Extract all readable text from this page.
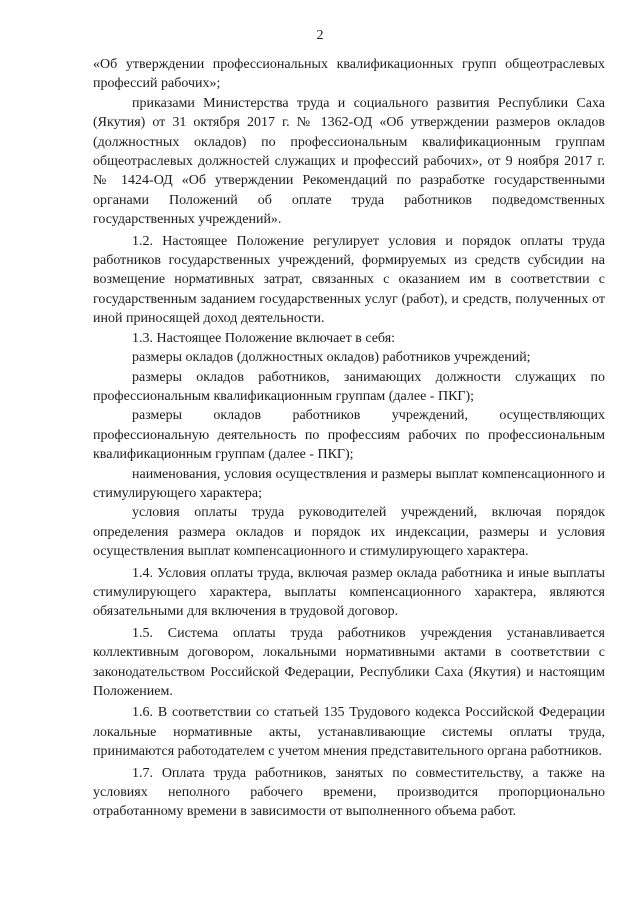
2

«Об утверждении профессиональных квалификационных групп общеотраслевых профессий рабочих»;

приказами Министерства труда и социального развития Республики Саха (Якутия) от 31 октября 2017 г. № 1362-ОД «Об утверждении размеров окладов (должностных окладов) по профессиональным квалификационным группам общеотраслевых должностей служащих и профессий рабочих», от 9 ноября 2017 г. № 1424-ОД «Об утверждении Рекомендаций по разработке государственными органами Положений об оплате труда работников подведомственных государственных учреждений».

1.2. Настоящее Положение регулирует условия и порядок оплаты труда работников государственных учреждений, формируемых из средств субсидии на возмещение нормативных затрат, связанных с оказанием им в соответствии с государственным заданием государственных услуг (работ), и средств, полученных от иной приносящей доход деятельности.

1.3. Настоящее Положение включает в себя:

размеры окладов (должностных окладов) работников учреждений;

размеры окладов работников, занимающих должности служащих по профессиональным квалификационным группам (далее - ПКГ);

размеры окладов работников учреждений, осуществляющих профессиональную деятельность по профессиям рабочих по профессиональным квалификационным группам (далее - ПКГ);

наименования, условия осуществления и размеры выплат компенсационного и стимулирующего характера;

условия оплаты труда руководителей учреждений, включая порядок определения размера окладов и порядок их индексации, размеры и условия осуществления выплат компенсационного и стимулирующего характера.

1.4. Условия оплаты труда, включая размер оклада работника и иные выплаты стимулирующего характера, выплаты компенсационного характера, являются обязательными для включения в трудовой договор.

1.5. Система оплаты труда работников учреждения устанавливается коллективным договором, локальными нормативными актами в соответствии с законодательством Российской Федерации, Республики Саха (Якутия) и настоящим Положением.

1.6. В соответствии со статьей 135 Трудового кодекса Российской Федерации локальные нормативные акты, устанавливающие системы оплаты труда, принимаются работодателем с учетом мнения представительного органа работников.

1.7. Оплата труда работников, занятых по совместительству, а также на условиях неполного рабочего времени, производится пропорционально отработанному времени в зависимости от выполненного объема работ.
